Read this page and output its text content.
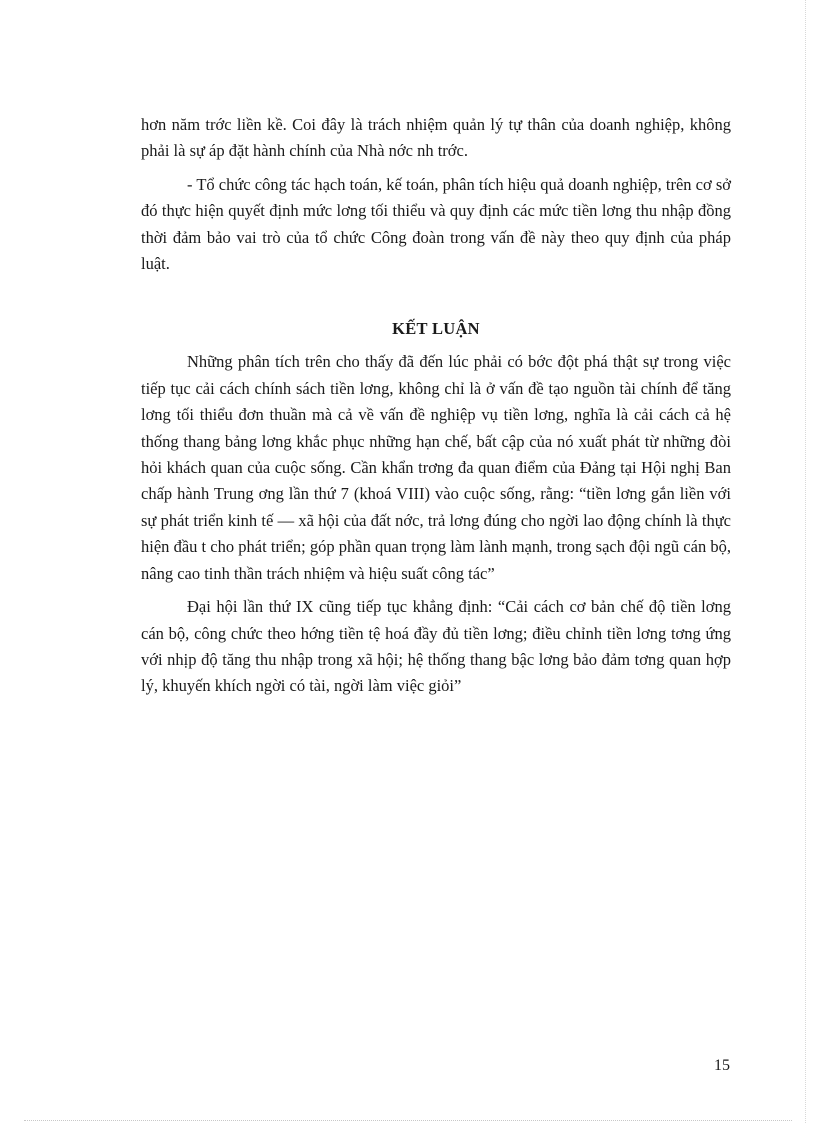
hơn năm trớc liền kề. Coi đây là trách nhiệm quản lý tự thân của doanh nghiệp, không phải là sự áp đặt hành chính của Nhà nớc nh trớc.

- Tổ chức công tác hạch toán, kế toán, phân tích hiệu quả doanh nghiệp, trên cơ sở đó thực hiện quyết định mức lơng tối thiểu và quy định các mức tiền lơng thu nhập đồng thời đảm bảo vai trò của tổ chức Công đoàn trong vấn đề này theo quy định của pháp luật.

KẾT LUẬN

Những phân tích trên cho thấy đã đến lúc phải có bớc đột phá thật sự trong việc tiếp tục cải cách chính sách tiền lơng, không chỉ là ở vấn đề tạo nguồn tài chính để tăng lơng tối thiểu đơn thuần mà cả về vấn đề nghiệp vụ tiền lơng, nghĩa là cải cách cả hệ thống thang bảng lơng khắc phục những hạn chế, bất cập của nó xuất phát từ những đòi hỏi khách quan của cuộc sống. Cần khẩn trơng đa quan điểm của Đảng tại Hội nghị Ban chấp hành Trung ơng lần thứ 7 (khoá VIII) vào cuộc sống, rằng: “tiền lơng gắn liền với sự phát triển kinh tế — xã hội của đất nớc, trả lơng đúng cho ngời lao động chính là thực hiện đầu t cho phát triển; góp phần quan trọng làm lành mạnh, trong sạch đội ngũ cán bộ, nâng cao tinh thần trách nhiệm và hiệu suất công tác”

Đại hội lần thứ IX cũng tiếp tục khẳng định: “Cải cách cơ bản chế độ tiền lơng cán bộ, công chức theo hớng tiền tệ hoá đầy đủ tiền lơng; điều chỉnh tiền lơng tơng ứng với nhịp độ tăng thu nhập trong xã hội; hệ thống thang bậc lơng bảo đảm tơng quan hợp lý, khuyến khích ngời có tài, ngời làm việc giỏi”

15
